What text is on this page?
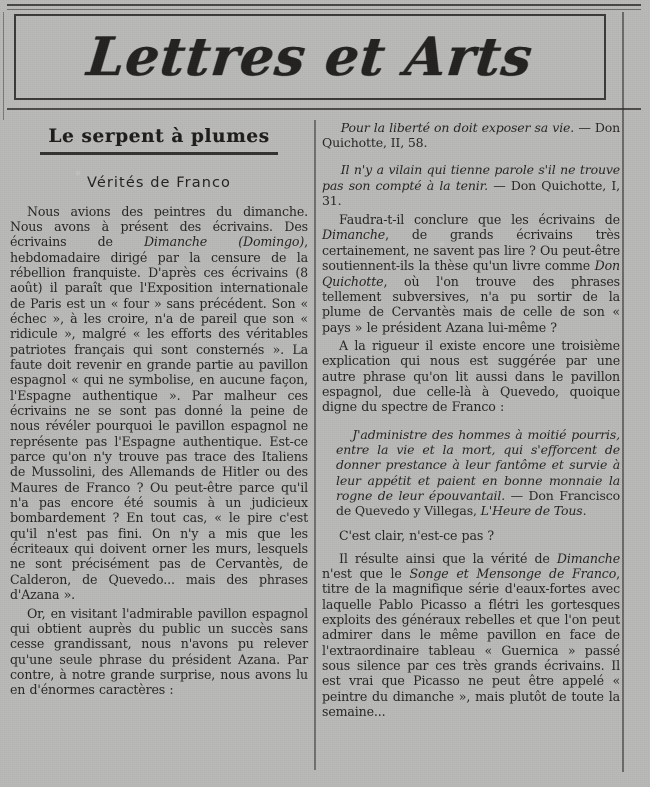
Lettres et Arts
Le serpent à plumes
Vérités de Franco

Nous avions des peintres du dimanche. Nous avons à présent des écrivains. Des écrivains de Dimanche (Domingo), hebdomadaire dirigé par la censure de la rébellion franquiste. D'après ces écrivains (8 août) il paraît que l'Exposition internationale de Paris est un « four » sans précédent. Son « échec », à les croire, n'a de pareil que son « ridicule », malgré « les efforts des véritables patriotes français qui sont consternés ». La faute doit revenir en grande partie au pavillon espagnol « qui ne symbolise, en aucune façon, l'Espagne authentique ». Par malheur ces écrivains ne se sont pas donné la peine de nous révéler pourquoi le pavillon espagnol ne représente pas l'Espagne authentique. Est-ce parce qu'on n'y trouve pas trace des Italiens de Mussolini, des Allemands de Hitler ou des Maures de Franco ? Ou peut-être parce qu'il n'a pas encore été soumis à un judicieux bombardement ? En tout cas, « le pire c'est qu'il n'est pas fini. On n'y a mis que les écriteaux qui doivent orner les murs, lesquels ne sont précisément pas de Cervantès, de Calderon, de Quevedo... mais des phrases d'Azana ».

Or, en visitant l'admirable pavillon espagnol qui obtient auprès du public un succès sans cesse grandissant, nous n'avons pu relever qu'une seule phrase du président Azana. Par contre, à notre grande surprise, nous avons lu en d'énormes caractères :

Pour la liberté on doit exposer sa vie. — Don Quichotte, II, 58.

Il n'y a vilain qui tienne parole s'il ne trouve pas son compté à la tenir. — Don Quichotte, I, 31.

Faudra-t-il conclure que les écrivains de Dimanche, de grands écrivains très certainement, ne savent pas lire ? Ou peut-être soutiennent-ils la thèse qu'un livre comme Don Quichotte, où l'on trouve des phrases tellement subversives, n'a pu sortir de la plume de Cervantès mais de celle de son « pays » le président Azana lui-même ?

A la rigueur il existe encore une troisième explication qui nous est suggérée par une autre phrase qu'on lit aussi dans le pavillon espagnol, due celle-là à Quevedo, quoique digne du spectre de Franco :

J'administre des hommes à moitié pourris, entre la vie et la mort, qui s'efforcent de donner prestance à leur fantôme et survie à leur appétit et paient en bonne monnaie la rogne de leur épouvantail. — Don Francisco de Quevedo y Villegas, L'Heure de Tous.

C'est clair, n'est-ce pas ?

Il résulte ainsi que la vérité de Dimanche n'est que le Songe et Mensonge de Franco, titre de la magnifique série d'eaux-fortes avec laquelle Pablo Picasso a flétri les gortesques exploits des généraux rebelles et que l'on peut admirer dans le même pavillon en face de l'extraordinaire tableau « Guernica » passé sous silence par ces très grands écrivains. Il est vrai que Picasso ne peut être appelé « peintre du dimanche », mais plutôt de toute la semaine...
